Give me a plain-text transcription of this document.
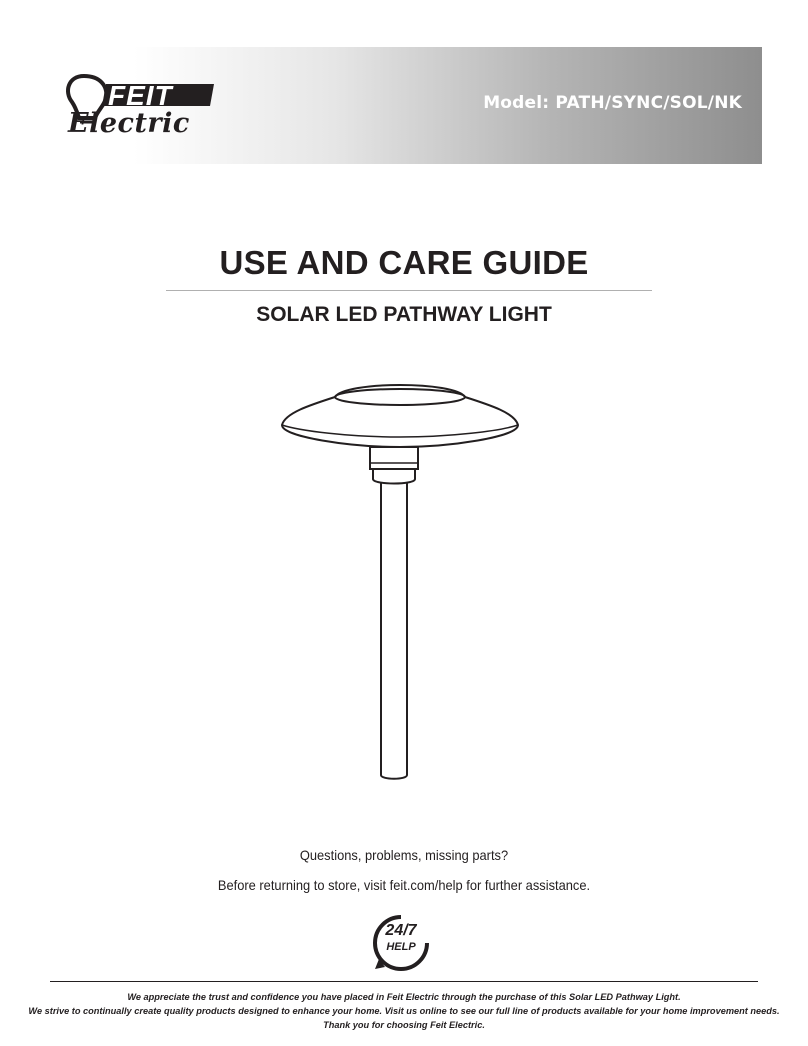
FEIT
Electric
Model: PATH/SYNC/SOL/NK
USE AND CARE GUIDE
SOLAR LED PATHWAY LIGHT
Questions, problems, missing parts?
Before returning to store, visit feit.com/help for further assistance.
24/7
HELP
We appreciate the trust and confidence you have placed in Feit Electric through the purchase of this Solar LED Pathway Light.
We strive to continually create quality products designed to enhance your home. Visit us online to see our full line of products available for your home improvement needs.
Thank you for choosing Feit Electric.
